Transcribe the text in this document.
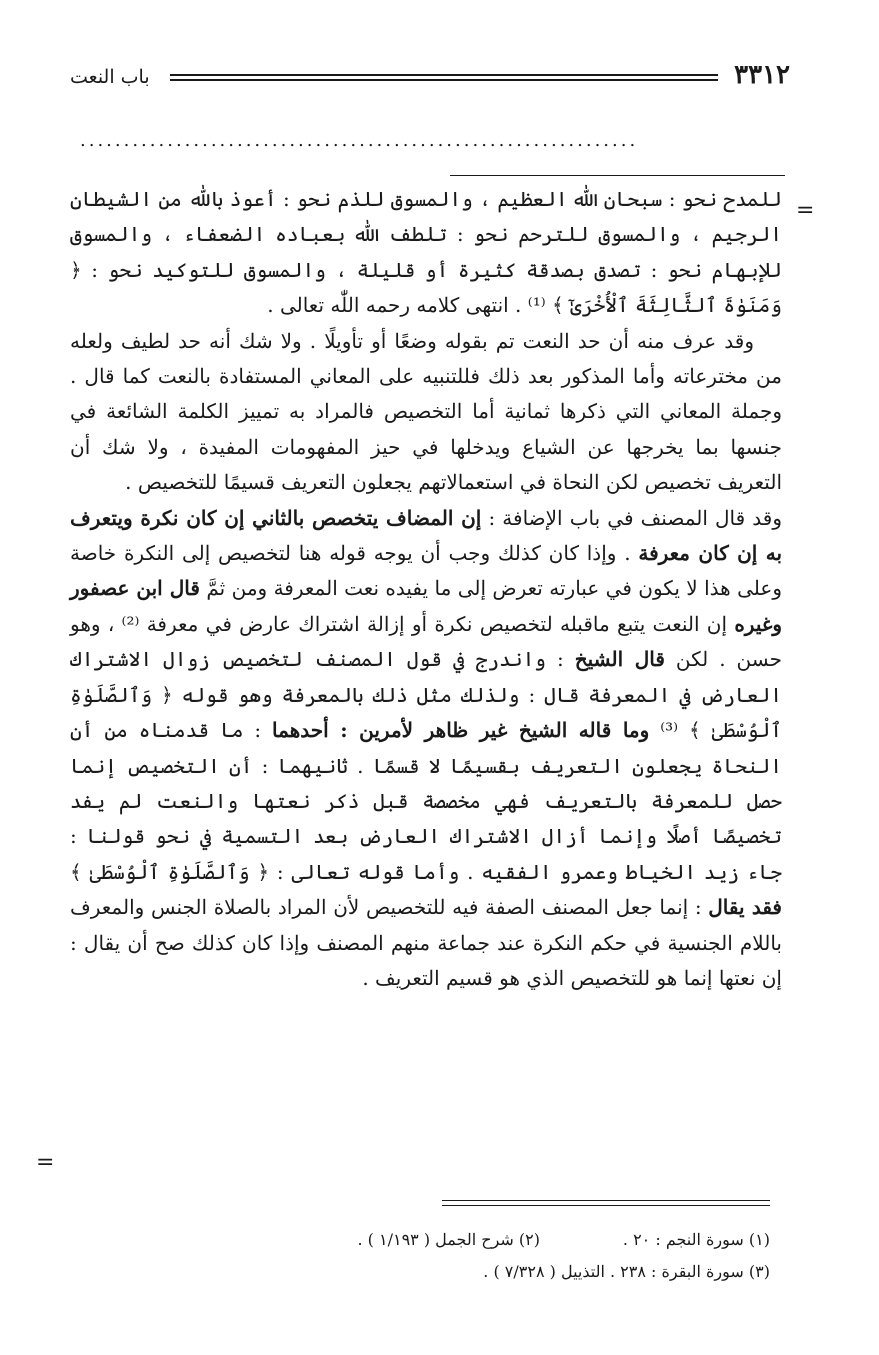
٣٣١٢
باب النعت
................................................................
=

للمدح نحو : سبحان اللّٰه العظيم ، والمسوق للذم نحو : أعوذ باللّٰه من الشيطان الرجيم ، والمسوق للترحم نحو : تلطف اللّٰه بعباده الضعفاء ، والمسوق للإبهام نحو : تصدق بصدقة كثيرة أو قليلة ، والمسوق للتوكيد نحو : ﴿ وَمَنَوٰةَ ٱلثَّالِثَةَ ٱلْأُخْرَىٰٓ ﴾ ⁽¹⁾ . انتهى كلامه رحمه اللّٰه تعالى .

وقد عرف منه أن حد النعت تم بقوله وضعًا أو تأويلًا . ولا شك أنه حد لطيف ولعله من مخترعاته وأما المذكور بعد ذلك فللتنبيه على المعاني المستفادة بالنعت كما قال . وجملة المعاني التي ذكرها ثمانية أما التخصيص فالمراد به تمييز الكلمة الشائعة في جنسها بما يخرجها عن الشياع ويدخلها في حيز المفهومات المفيدة ، ولا شك أن التعريف تخصيص لكن النحاة في استعمالاتهم يجعلون التعريف قسيمًا للتخصيص .

وقد قال المصنف في باب الإضافة : إن المضاف يتخصص بالثاني إن كان نكرة ويتعرف به إن كان معرفة . وإذا كان كذلك وجب أن يوجه قوله هنا لتخصيص إلى النكرة خاصة وعلى هذا لا يكون في عبارته تعرض إلى ما يفيده نعت المعرفة ومن ثمَّ قال ابن عصفور وغيره إن النعت يتبع ماقبله لتخصيص نكرة أو إزالة اشتراك عارض في معرفة ⁽²⁾ ، وهو حسن . لكن قال الشيخ : واندرج في قول المصنف لتخصيص زوال الاشتراك العارض في المعرفة قال : ولذلك مثل ذلك بالمعرفة وهو قوله ﴿ وَٱلصَّلَوٰةِ ٱلْوُسْطَىٰ ﴾ ⁽³⁾ وما قاله الشيخ غير ظاهر لأمرين : أحدهما : ما قدمناه من أن النحاة يجعلون التعريف بقسيمًا لا قسمًا . ثانيهما : أن التخصيص إنما حصل للمعرفة بالتعريف فهي مخصصة قبل ذكر نعتها والنعت لم يفد تخصيصًا أصلًا وإنما أزال الاشتراك العارض بعد التسمية في نحو قولنا : جاء زيد الخياط وعمرو الفقيه . وأما قوله تعالى : ﴿ وَٱلصَّلَوٰةِ ٱلْوُسْطَىٰ ﴾ فقد يقال : إنما جعل المصنف الصفة فيه للتخصيص لأن المراد بالصلاة الجنس والمعرف باللام الجنسية في حكم النكرة عند جماعة منهم المصنف وإذا كان كذلك صح أن يقال : إن نعتها إنما هو للتخصيص الذي هو قسيم التعريف .

=
(١) سورة النجم : ٢٠ .
(٢) شرح الجمل ( ١/١٩٣ ) .
(٣) سورة البقرة : ٢٣٨ . التذييل ( ٧/٣٢٨ ) .
